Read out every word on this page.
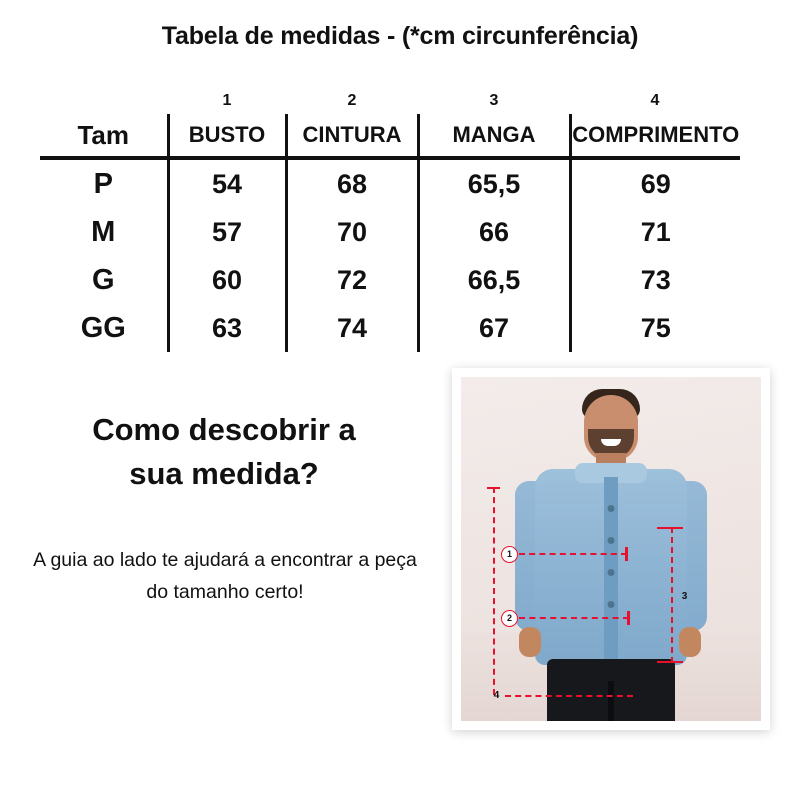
Tabela de medidas - (*cm circunferência)
	1	2	3	4
Tam	BUSTO	CINTURA	MANGA	COMPRIMENTO
P	54	68	65,5	69
M	57	70	66	71
G	60	72	66,5	73
GG	63	74	67	75
Como descobrir a
sua medida?
A guia ao lado te ajudará a encontrar a peça do tamanho certo!
1
2
3
4
